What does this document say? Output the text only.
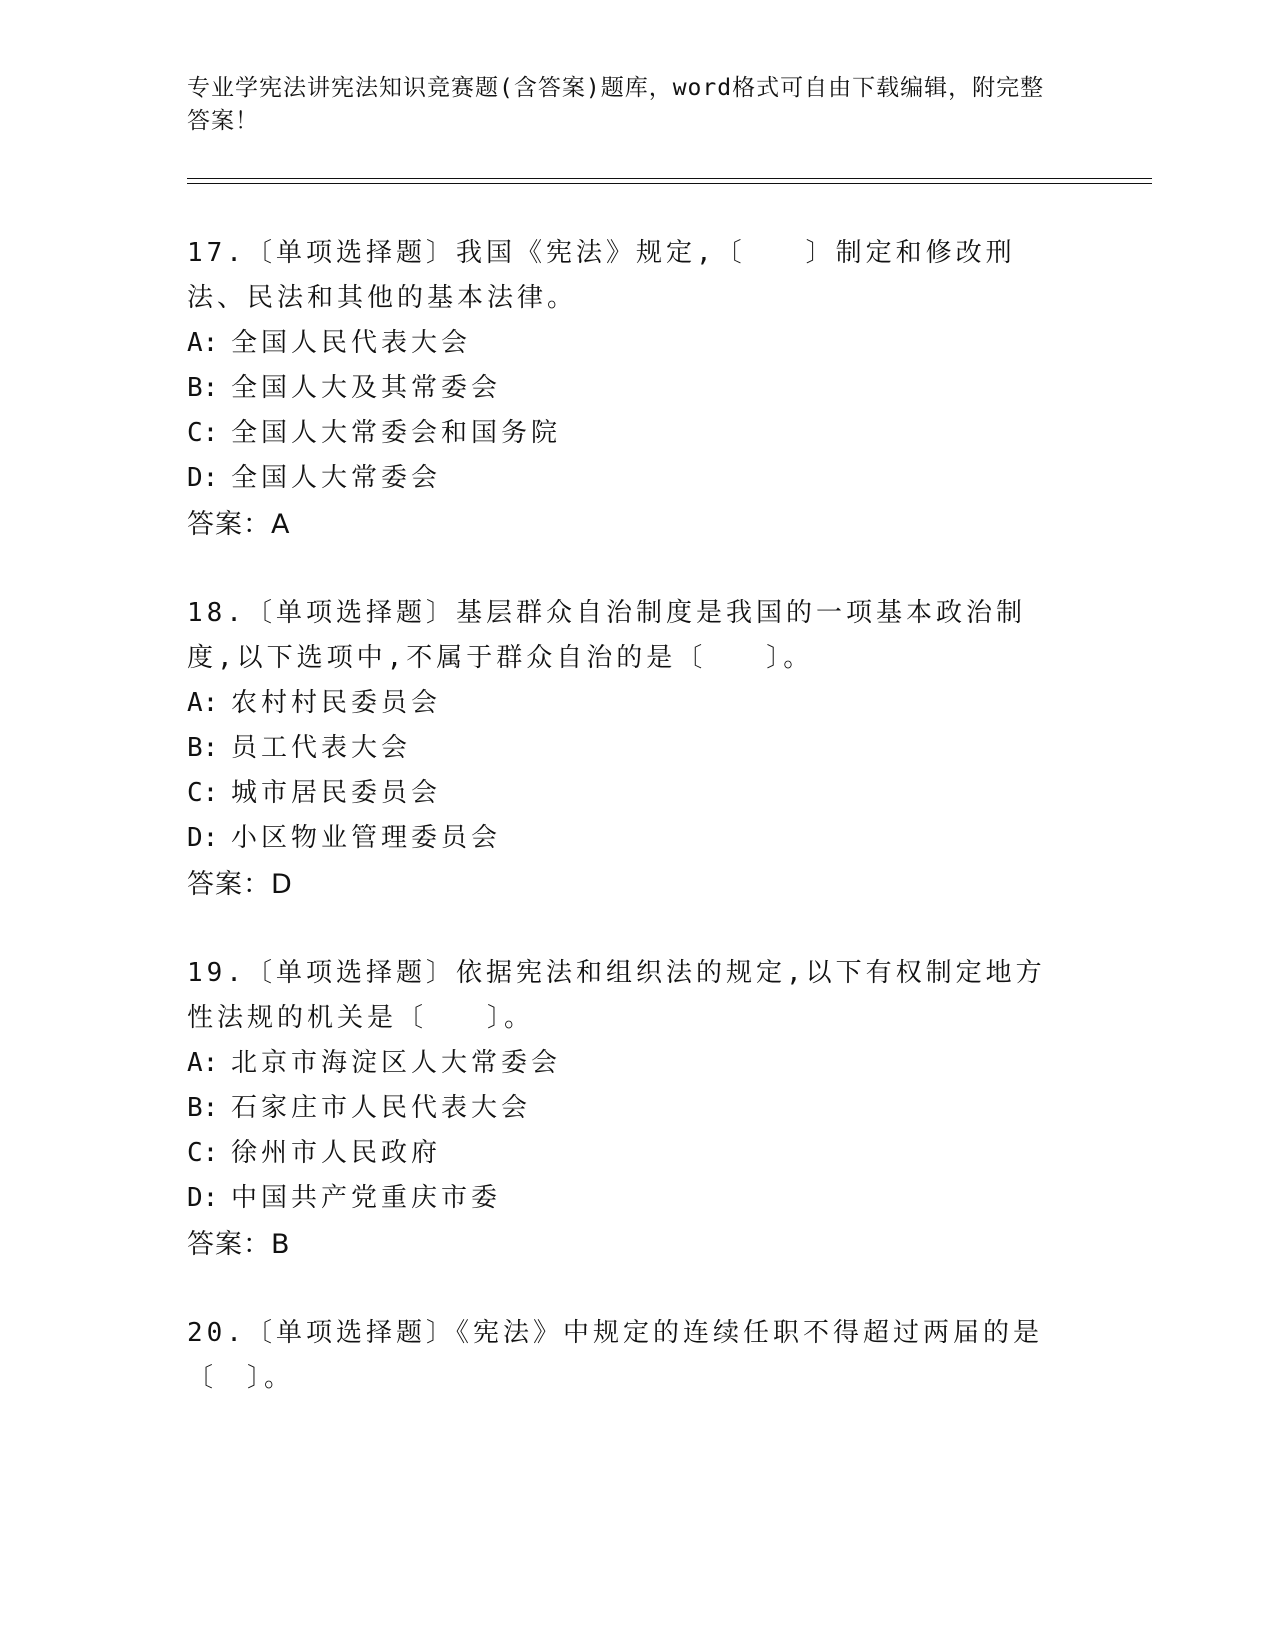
专业学宪法讲宪法知识竞赛题(含答案)题库，word格式可自由下载编辑，附完整答案！
17.〔单项选择题〕我国《宪法》规定,〔　　〕制定和修改刑法、民法和其他的基本法律。
A: 全国人民代表大会
B: 全国人大及其常委会
C: 全国人大常委会和国务院
D: 全国人大常委会
答案：A
18.〔单项选择题〕基层群众自治制度是我国的一项基本政治制度,以下选项中,不属于群众自治的是〔　　〕。
A: 农村村民委员会
B: 员工代表大会
C: 城市居民委员会
D: 小区物业管理委员会
答案：D
19.〔单项选择题〕依据宪法和组织法的规定,以下有权制定地方性法规的机关是〔　　〕。
A: 北京市海淀区人大常委会
B: 石家庄市人民代表大会
C: 徐州市人民政府
D: 中国共产党重庆市委
答案：B
20.〔单项选择题〕《宪法》中规定的连续任职不得超过两届的是〔　〕。
